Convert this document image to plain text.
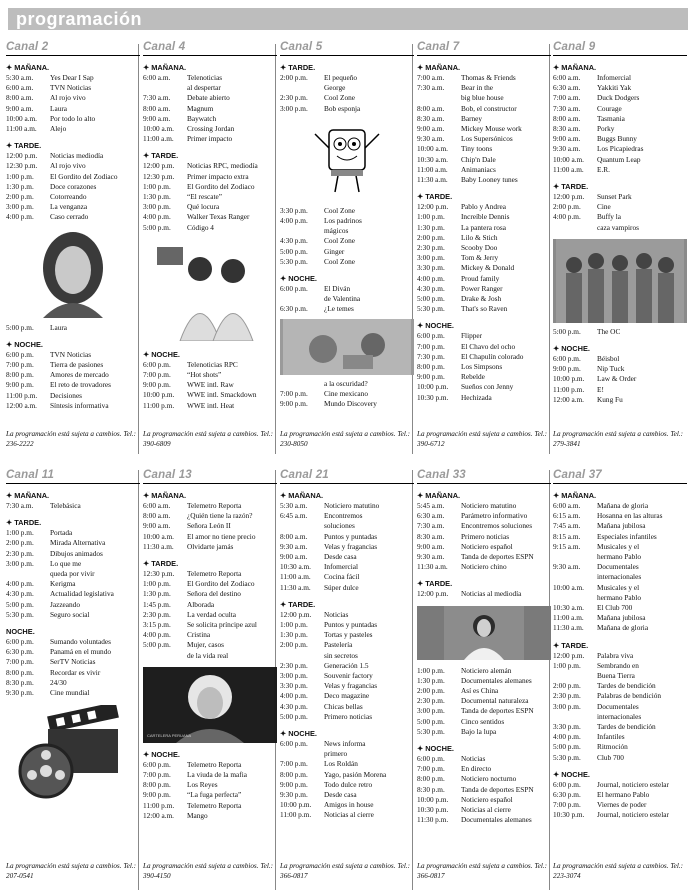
programación
Canal 2
✦ MAÑANA.
5:30 a.m.	Yes Dear I Sap
6:00 a.m.	TVN Noticias
8:00 a.m.	Al rojo vivo
9:00 a.m.	Laura
10:00 a.m.	Por todo lo alto
11:00 a.m.	Alejo
✦ TARDE.
12:00 p.m.	Noticias mediodía
12:30 p.m.	Al rojo vivo
1:00 p.m.	El Gordito del Zodiaco
1:30 p.m.	Doce corazones
2:00 p.m.	Cotorreando
3:00 p.m.	La venganza
4:00 p.m.	Caso cerrado
5:00 p.m.	Laura
✦ NOCHE.
6:00 p.m.	TVN Noticias
7:00 p.m.	Tierra de pasiones
8:00 p.m.	Amores de mercado
9:00 p.m.	El reto de trovadores
11:00 p.m.	Decisiones
12:00 a.m.	Síntesis informativa
La programación está sujeta a cambios. Tel.: 236-2222
Canal 4
✦ MAÑANA.
6:00 a.m.	Telenoticias
al despertar
7:30 a.m.	Debate abierto
8:00 a.m.	Magnum
9:00 a.m.	Baywatch
10:00 a.m.	Crossing Jordan
11:00 a.m.	Primer impacto
✦ TARDE.
12:00 p.m.	Noticias RPC, mediodía
12:30 p.m.	Primer impacto extra
1:00 p.m.	El Gordito del Zodiaco
1:30 p.m.	“El rescate”
3:00 p.m.	Qué locura
4:00 p.m.	Walker Texas Ranger
5:00 p.m.	Código 4
✦ NOCHE.
6:00 p.m.	Telenoticias RPC
7:00 p.m.	“Hot shots”
9:00 p.m.	WWE intl. Raw
10:00 p.m.	WWE intl. Smackdown
11:00 p.m.	WWE intl. Heat
La programación está sujeta a cambios. Tel.: 390-6809
Canal 5
✦ TARDE.
2:00 p.m.	El pequeño
George
2:30 p.m.	Cool Zone
3:00 p.m.	Bob esponja
3:30 p.m.	Cool Zone
4:00 p.m.	Los padrinos
mágicos
4:30 p.m.	Cool Zone
5:00 p.m.	Ginger
5:30 p.m.	Cool Zone
✦ NOCHE.
6:00 p.m.	El Diván
de Valentina
6:30 p.m.	¿Le temes
a la oscuridad?
7:00 p.m.	Cine mexicano
9:00 p.m.	Mundo Discovery
La programación está sujeta a cambios. Tel.: 230-8050
Canal 7
✦ MAÑANA.
7:00 a.m.	Thomas & Friends
7:30 a.m.	Bear in the
big blue house
8:00 a.m.	Bob, el constructor
8:30 a.m.	Barney
9:00 a.m.	Mickey Mouse work
9:30 a.m.	Los Supersónicos
10:00 a.m.	Tiny toons
10:30 a.m.	Chip'n Dale
11:00 a.m.	Animaniacs
11:30 a.m.	Baby Looney tunes
✦ TARDE.
12:00 p.m.	Pablo y Andrea
1:00 p.m.	Increíble Dennis
1:30 p.m.	La pantera rosa
2:00 p.m.	Lilo & Stich
2:30 p.m.	Scooby Doo
3:00 p.m.	Tom & Jerry
3:30 p.m.	Mickey & Donald
4:00 p.m.	Proud family
4:30 p.m.	Power Ranger
5:00 p.m.	Drake & Josh
5:30 p.m.	That's so Raven
✦ NOCHE.
6:00 p.m.	Flipper
7:00 p.m.	El Chavo del ocho
7:30 p.m.	El Chapulín colorado
8:00 p.m.	Los Simpsons
9:00 p.m.	Rebelde
10:00 p.m.	Sueños con Jenny
10:30 p.m.	Hechizada
La programación está sujeta a cambios. Tel.: 390-6712
Canal 9
✦ MAÑANA.
6:00 a.m.	Infomercial
6:30 a.m.	Yakkiti Yak
7:00 a.m.	Duck Dodgers
7:30 a.m.	Courage
8:00 a.m.	Tasmania
8:30 a.m.	Porky
9:00 a.m.	Buggs Bunny
9:30 a.m.	Los Picapiedras
10:00 a.m.	Quantum Leap
11:00 a.m.	E.R.
✦ TARDE.
12:00 p.m.	Sunset Park
2:00 p.m.	Cine
4:00 p.m.	Buffy la
caza vampiros
5:00 p.m.	The OC
✦ NOCHE.
6:00 p.m.	Béisbol
9:00 p.m.	Nip Tuck
10:00 p.m.	Law & Order
11:00 p.m.	E!
12:00 a.m.	Kung Fu
La programación está sujeta a cambios. Tel.: 279-3841
Canal 11
✦ MAÑANA.
7:30 a.m.	Telebásica
✦ TARDE.
1:00 p.m.	Portada
2:00 p.m.	Mirada Alternativa
2:30 p.m.	Dibujos animados
3:00 p.m.	Lo que me
queda por vivir
4:00 p.m.	Kerigma
4:30 p.m.	Actualidad legislativa
5:00 p.m.	Jazzeando
5:30 p.m.	Seguro social
NOCHE.
6:00 p.m.	Sumando voluntades
6:30 p.m.	Panamá en el mundo
7:00 p.m.	SerTV Noticias
8:00 p.m.	Recordar es vivir
8:30 p.m.	24/30
9:30 p.m.	Cine mundial
La programación está sujeta a cambios. Tel.: 207-0541
Canal 13
✦ MAÑANA.
6:00 a.m.	Telemetro Reporta
8:00 a.m.	¿Quién tiene la razón?
9:00 a.m.	Señora León II
10:00 a.m.	El amor no tiene precio
11:30 a.m.	Olvidarte jamás
✦ TARDE.
12:30 p.m.	Telemetro Reporta
1:00 p.m.	El Gordito del Zodiaco
1:30 p.m.	Señora del destino
1:45 p.m.	Alborada
2:30 p.m.	La verdad oculta
3:15 p.m.	Se solicita príncipe azul
4:00 p.m.	Cristina
5:00 p.m.	Mujer, casos
de la vida real
CARTELERA PERUANA
✦ NOCHE.
6:00 p.m.	Telemetro Reporta
7:00 p.m.	La viuda de la mafia
8:00 p.m.	Los Reyes
9:00 p.m.	“La fuga perfecta”
11:00 p.m.	Telemetro Reporta
12:00 a.m.	Mango
La programación está sujeta a cambios. Tel.: 390-4150
Canal 21
✦ MAÑANA.
5:30 a.m.	Noticiero matutino
6:45 a.m.	Encontremos
soluciones
8:00 a.m.	Puntos y puntadas
9:30 a.m.	Velas y fragancias
9:00 a.m.	Desde casa
10:30 a.m.	Infomercial
11:00 a.m.	Cocina fácil
11:30 a.m.	Súper dulce
✦ TARDE.
12:00 p.m.	Noticias
1:00 p.m.	Puntos y puntadas
1:30 p.m.	Tortas y pasteles
2:00 p.m.	Pastelería
sin secretos
2:30 p.m.	Generación 1.5
3:00 p.m.	Souvenir factory
3:30 p.m.	Velas y fragancias
4:00 p.m.	Deco magazine
4:30 p.m.	Chicas bellas
5:00 p.m.	Primero noticias
✦ NOCHE.
6:00 p.m.	News informa
primero
7:00 p.m.	Los Roldán
8:00 p.m.	Yago, pasión Morena
9:00 p.m.	Todo dulce retro
9:30 p.m.	Desde casa
10:00 p.m.	Amigos in house
11:00 p.m.	Noticias al cierre
La programación está sujeta a cambios. Tel.: 366-0817
Canal 33
✦ MAÑANA.
5:45 a.m.	Noticiero matutino
6:30 a.m.	Parámetro informativo
7:30 a.m.	Encontremos soluciones
8:30 a.m.	Primero noticias
9:00 a.m.	Noticiero español
9:30 a.m.	Tanda de deportes ESPN
11:30 a.m.	Noticiero chino
✦ TARDE.
12:00 p.m.	Noticias al mediodía
1:00 p.m.	Noticiero alemán
1:30 p.m.	Documentales alemanes
2:00 p.m.	Así es China
2:30 p.m.	Documental naturaleza
3:00 p.m.	Tanda de deportes ESPN
5:00 p.m.	Cinco sentidos
5:30 p.m.	Bajo la lupa
✦ NOCHE.
6:00 p.m.	Noticias
7:00 p.m.	En directo
8:00 p.m.	Noticiero nocturno
8:30 p.m.	Tanda de deportes ESPN
10:00 p.m.	Noticiero español
10:30 p.m.	Noticias al cierre
11:30 p.m.	Documentales alemanes
La programación está sujeta a cambios. Tel.: 366-0817
Canal 37
✦ MAÑANA.
6:00 a.m.	Mañana de gloria
6:15 a.m.	Hosanna en las alturas
7:45 a.m.	Mañana jubilosa
8:15 a.m.	Especiales infantiles
9:15 a.m.	Musicales y el
hermano Pablo
9:30 a.m.	Documentales
internacionales
10:00 a.m.	Musicales y el
hermano Pablo
10:30 a.m.	El Club 700
11:00 a.m.	Mañana jubilosa
11:30 a.m.	Mañana de gloria
✦ TARDE.
12:00 p.m.	Palabra viva
1:00 p.m.	Sembrando en
Buena Tierra
2:00 p.m.	Tardes de bendición
2:30 p.m.	Palabras de bendición
3:00 p.m.	Documentales
internacionales
3:30 p.m.	Tardes de bendición
4:00 p.m.	Infantiles
5:00 p.m.	Ritmoción
5:30 p.m.	Club 700
✦ NOCHE.
6:00 p.m.	Journal, noticiero estelar
6:30 p.m.	El hermano Pablo
7:00 p.m.	Viernes de poder
10:30 p.m.	Journal, noticiero estelar
La programación está sujeta a cambios. Tel.: 223-3074
